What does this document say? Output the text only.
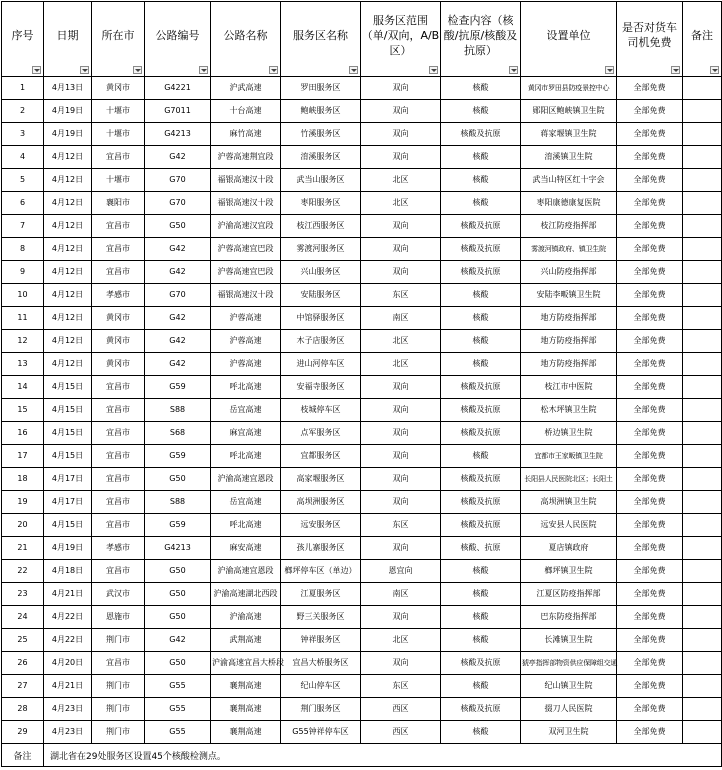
序号	日期	所在市	公路编号	公路名称	服务区名称	服务区范围（单/双向，A/B区）	检查内容（核酸/抗原/核酸及抗原）	设置单位	是否对货车司机免费	备注

1	4月13日	黄冈市	G4221	沪武高速	罗田服务区	双向	核酸	黄冈市罗田县防疫景控中心	全部免费	
2	4月19日	十堰市	G7011	十台高速	鲍峡服务区	双向	核酸	郧阳区鲍峡镇卫生院	全部免费	
3	4月19日	十堰市	G4213	麻竹高速	竹溪服务区	双向	核酸及抗原	蒋家堰镇卫生院	全部免费	
4	4月12日	宜昌市	G42	沪蓉高速荆宜段	淯溪服务区	双向	核酸	淯溪镇卫生院	全部免费	
5	4月12日	十堰市	G70	福银高速汉十段	武当山服务区	北区	核酸	武当山特区红十字会	全部免费	
6	4月12日	襄阳市	G70	福银高速汉十段	枣阳服务区	北区	核酸	枣阳康德康复医院	全部免费	
7	4月12日	宜昌市	G50	沪渝高速汉宜段	枝江西服务区	双向	核酸及抗原	枝江防疫指挥部	全部免费	
8	4月12日	宜昌市	G42	沪蓉高速宜巴段	雾渡河服务区	双向	核酸及抗原	雾渡河镇政府、镇卫生院	全部免费	
9	4月12日	宜昌市	G42	沪蓉高速宜巴段	兴山服务区	双向	核酸及抗原	兴山防疫指挥部	全部免费	
10	4月12日	孝感市	G70	福银高速汉十段	安陆服务区	东区	核酸	安陆李畈镇卫生院	全部免费	
11	4月12日	黄冈市	G42	沪蓉高速	中馆驿服务区	南区	核酸	地方防疫指挥部	全部免费	
12	4月12日	黄冈市	G42	沪蓉高速	木子店服务区	北区	核酸	地方防疫指挥部	全部免费	
13	4月12日	黄冈市	G42	沪蓉高速	进山河停车区	北区	核酸	地方防疫指挥部	全部免费	
14	4月15日	宜昌市	G59	呼北高速	安福寺服务区	双向	核酸及抗原	枝江市中医院	全部免费	
15	4月15日	宜昌市	S88	岳宜高速	枝城停车区	双向	核酸及抗原	松木坪镇卫生院	全部免费	
16	4月15日	宜昌市	S68	麻宜高速	点军服务区	双向	核酸及抗原	桥边镇卫生院	全部免费	
17	4月15日	宜昌市	G59	呼北高速	宜都服务区	双向	核酸	宜都市王家畈镇卫生院	全部免费	
18	4月17日	宜昌市	G50	沪渝高速宜恩段	高家堰服务区	双向	核酸及抗原	长阳县人民医院北区；长阳土	全部免费	
19	4月17日	宜昌市	S88	岳宜高速	高坝洲服务区	双向	核酸及抗原	高坝洲镇卫生院	全部免费	
20	4月15日	宜昌市	G59	呼北高速	远安服务区	东区	核酸及抗原	远安县人民医院	全部免费	
21	4月19日	孝感市	G4213	麻安高速	孩儿寨服务区	双向	核酸、抗原	夏店镇政府	全部免费	
22	4月18日	宜昌市	G50	沪渝高速宜恩段	榔坪停车区（单边）	恩宜向	核酸	榔坪镇卫生院	全部免费	
23	4月21日	武汉市	G50	沪渝高速湖北西段	江夏服务区	南区	核酸	江夏区防疫指挥部	全部免费	
24	4月22日	恩施市	G50	沪渝高速	野三关服务区	双向	核酸	巴东防疫指挥部	全部免费	
25	4月22日	荆门市	G42	武荆高速	钟祥服务区	北区	核酸	长滩镇卫生院	全部免费	
26	4月20日	宜昌市	G50	沪渝高速宜昌大桥段	宜昌大桥服务区	双向	核酸及抗原	猇亭指挥部物资供应保障组交通	全部免费	
27	4月21日	荆门市	G55	襄荆高速	纪山停车区	东区	核酸	纪山镇卫生院	全部免费	
28	4月23日	荆门市	G55	襄荆高速	荆门服务区	西区	核酸及抗原	掇刀人民医院	全部免费	
29	4月23日	荆门市	G55	襄荆高速	G55钟祥停车区	西区	核酸	双河卫生院	全部免费	
备注	湖北省在29处服务区设置45个核酸检测点。									
